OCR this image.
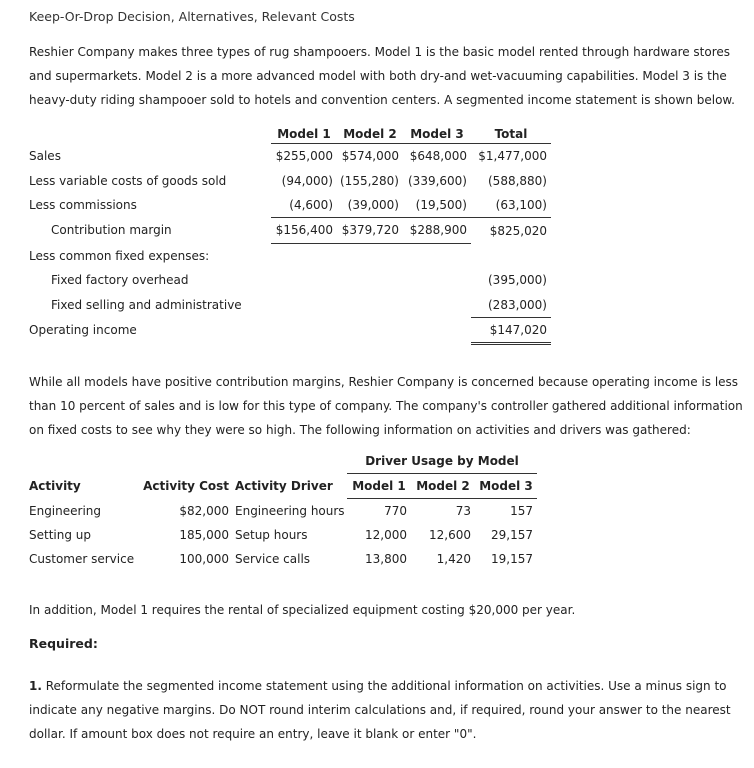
Keep-Or-Drop Decision, Alternatives, Relevant Costs
Reshier Company makes three types of rug shampooers. Model 1 is the basic model rented through hardware stores and supermarkets. Model 2 is a more advanced model with both dry-and wet-vacuuming capabilities. Model 3 is the heavy-duty riding shampooer sold to hotels and convention centers. A segmented income statement is shown below.
	Model 1	Model 2	Model 3	Total
Sales	$255,000	$574,000	$648,000	$1,477,000
Less variable costs of goods sold	(94,000)	(155,280)	(339,600)	(588,880)
Less commissions	(4,600)	(39,000)	(19,500)	(63,100)
Contribution margin	$156,400	$379,720	$288,900	$825,020
Less common fixed expenses:				
Fixed factory overhead				(395,000)
Fixed selling and administrative				(283,000)
Operating income				$147,020
While all models have positive contribution margins, Reshier Company is concerned because operating income is less than 10 percent of sales and is low for this type of company. The company's controller gathered additional information on fixed costs to see why they were so high. The following information on activities and drivers was gathered:
			Driver Usage by Model		
Activity	Activity Cost	Activity Driver	Model 1	Model 2	Model 3
Engineering	$82,000	Engineering hours	770	73	157
Setting up	185,000	Setup hours	12,000	12,600	29,157
Customer service	100,000	Service calls	13,800	1,420	19,157
In addition, Model 1 requires the rental of specialized equipment costing $20,000 per year.
Required:
1. Reformulate the segmented income statement using the additional information on activities. Use a minus sign to indicate any negative margins. Do NOT round interim calculations and, if required, round your answer to the nearest dollar. If amount box does not require an entry, leave it blank or enter "0".
